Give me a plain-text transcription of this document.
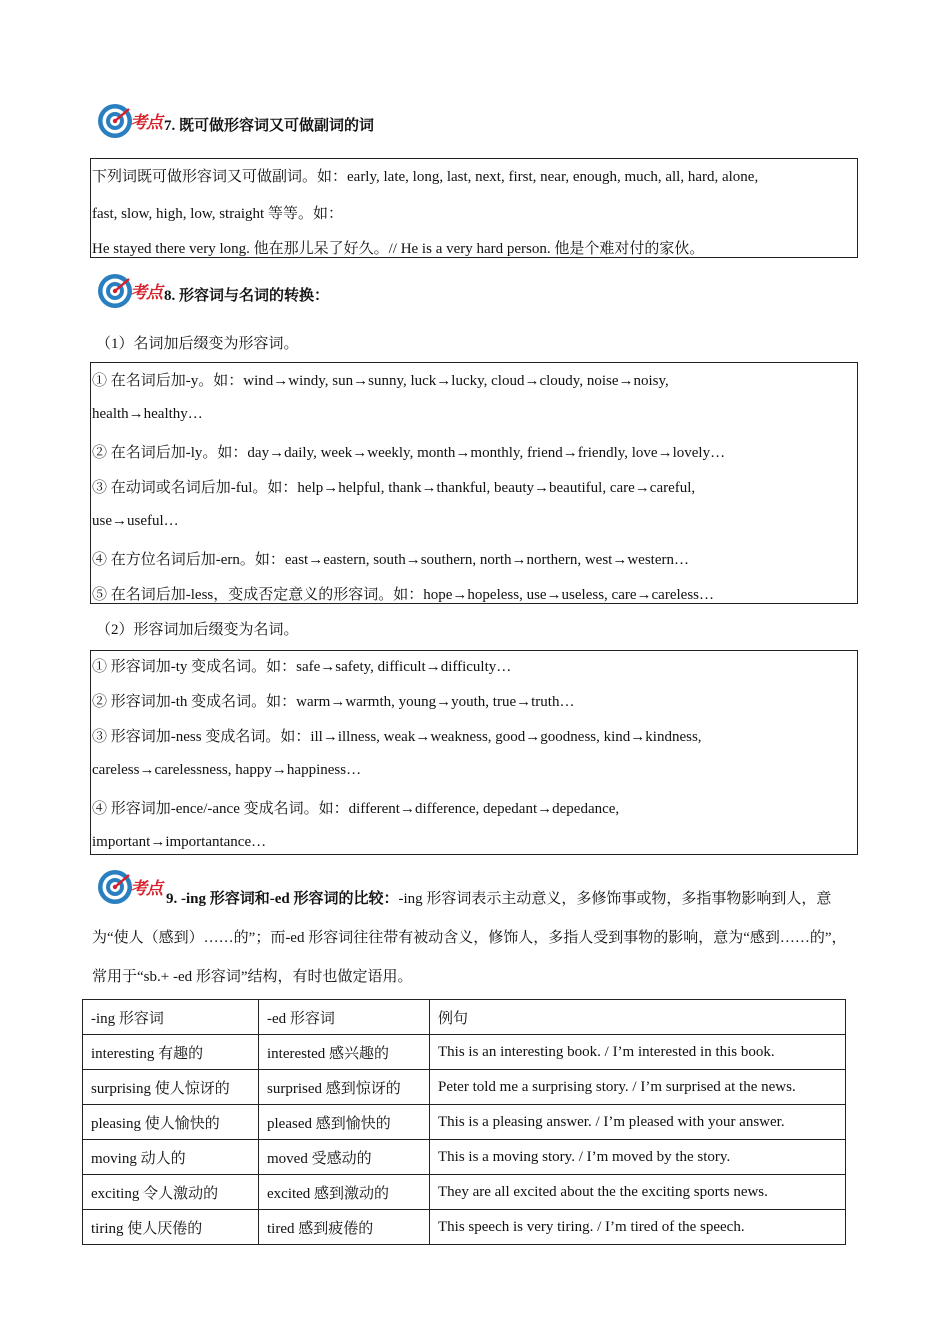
考点 7. 既可做形容词又可做副词的词
下列词既可做形容词又可做副词。如：early, late, long, last, next, first, near, enough, much, all, hard, alone,
fast, slow, high, low, straight 等等。如：
He stayed there very long. 他在那儿呆了好久。// He is a very hard person. 他是个难对付的家伙。
考点 8. 形容词与名词的转换：
（1）名词加后缀变为形容词。
① 在名词后加-y。如：wind→windy, sun→sunny, luck→lucky, cloud→cloudy, noise→noisy,
health→healthy…
② 在名词后加-ly。如：day→daily, week→weekly, month→monthly, friend→friendly, love→lovely…
③ 在动词或名词后加-ful。如：help→helpful, thank→thankful, beauty→beautiful, care→careful,
use→useful…
④ 在方位名词后加-ern。如：east→eastern, south→southern, north→northern, west→western…
⑤ 在名词后加-less，变成否定意义的形容词。如：hope→hopeless, use→useless, care→careless…
（2）形容词加后缀变为名词。
① 形容词加-ty 变成名词。如：safe→safety, difficult→difficulty…
② 形容词加-th 变成名词。如：warm→warmth, young→youth, true→truth…
③ 形容词加-ness 变成名词。如：ill→illness, weak→weakness, good→goodness, kind→kindness,
careless→carelessness, happy→happiness…
④ 形容词加-ence/-ance 变成名词。如：different→difference, depedant→depedance,
important→importantance…
考点 9. -ing 形容词和-ed 形容词的比较：-ing 形容词表示主动意义，多修饰事或物，多指事物影响到人，意为“使人（感到）……的”；而-ed 形容词往往带有被动含义，修饰人，多指人受到事物的影响，意为“感到……的”，常用于“sb.+ -ed 形容词”结构，有时也做定语用。
-ing 形容词	-ed 形容词	例句
interesting 有趣的	interested 感兴趣的	This is an interesting book. / I’m interested in this book.
surprising 使人惊讶的	surprised 感到惊讶的	Peter told me a surprising story. / I’m surprised at the news.
pleasing 使人愉快的	pleased 感到愉快的	This is a pleasing answer. / I’m pleased with your answer.
moving 动人的	moved 受感动的	This is a moving story. / I’m moved by the story.
exciting 令人激动的	excited 感到激动的	They are all excited about the the exciting sports news.
tiring 使人厌倦的	tired 感到疲倦的	This speech is very tiring. / I’m tired of the speech.
